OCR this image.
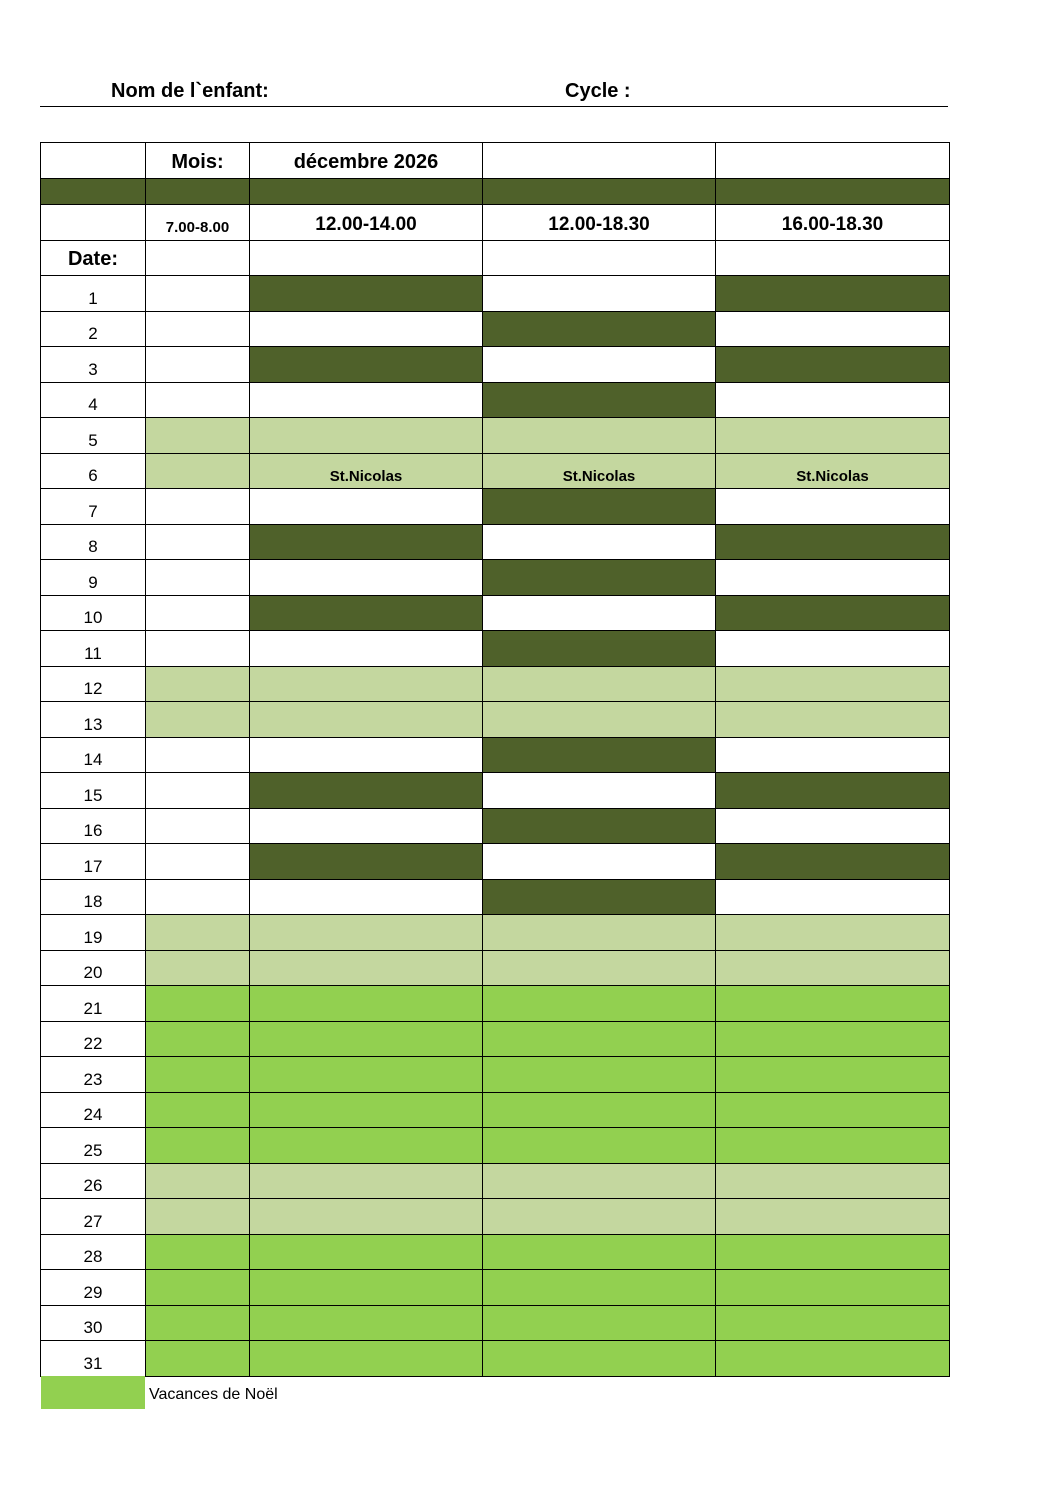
Nom de l`enfant:	Cycle :
	Mois:	décembre 2026		

	7.00-8.00	12.00-14.00	12.00-18.30	16.00-18.30
Date:				
1				
2				
3				
4				
5				
6		St.Nicolas	St.Nicolas	St.Nicolas
7				
8				
9				
10				
11				
12				
13				
14				
15				
16				
17				
18				
19				
20				
21				
22				
23				
24				
25				
26				
27				
28				
29				
30				
31				
Vacances de Noël
